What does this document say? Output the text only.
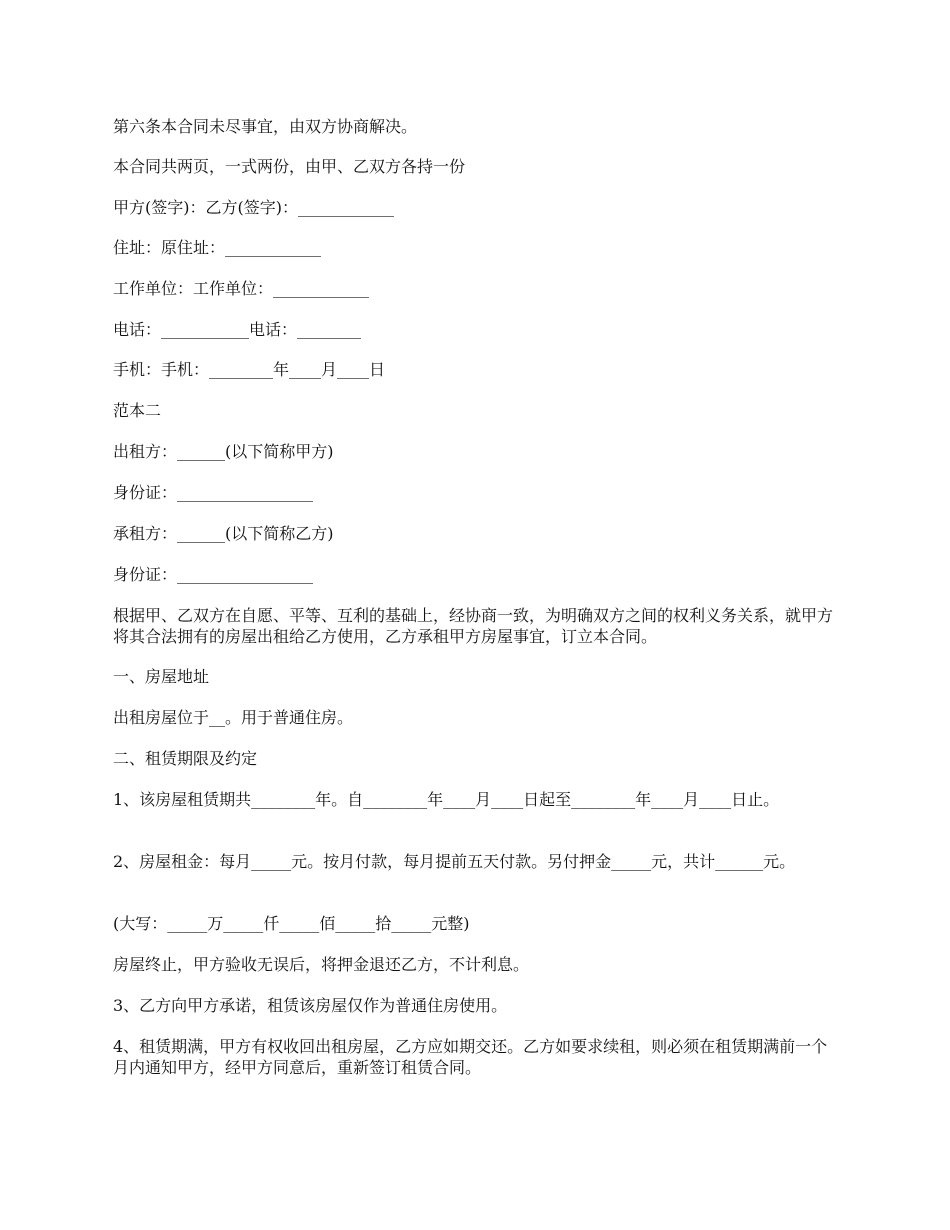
第六条本合同未尽事宜，由双方协商解决。

本合同共两页，一式两份，由甲、乙双方各持一份

甲方(签字)：乙方(签字)：____________

住址：原住址：____________

工作单位：工作单位：____________

电话：___________电话：________

手机：手机：________年____月____日

范本二

出租方：______(以下简称甲方)

身份证：_________________

承租方：______(以下简称乙方)

身份证：_________________

根据甲、乙双方在自愿、平等、互利的基础上，经协商一致，为明确双方之间的权利义务关系，就甲方将其合法拥有的房屋出租给乙方使用，乙方承租甲方房屋事宜，订立本合同。

一、房屋地址

出租房屋位于__。用于普通住房。

二、租赁期限及约定

1、该房屋租赁期共________年。自________年____月____日起至________年____月____日止。

2、房屋租金：每月_____元。按月付款，每月提前五天付款。另付押金_____元，共计______元。

(大写：_____万_____仟_____佰_____拾_____元整)

房屋终止，甲方验收无误后，将押金退还乙方，不计利息。

3、乙方向甲方承诺，租赁该房屋仅作为普通住房使用。

4、租赁期满，甲方有权收回出租房屋，乙方应如期交还。乙方如要求续租，则必须在租赁期满前一个月内通知甲方，经甲方同意后，重新签订租赁合同。
